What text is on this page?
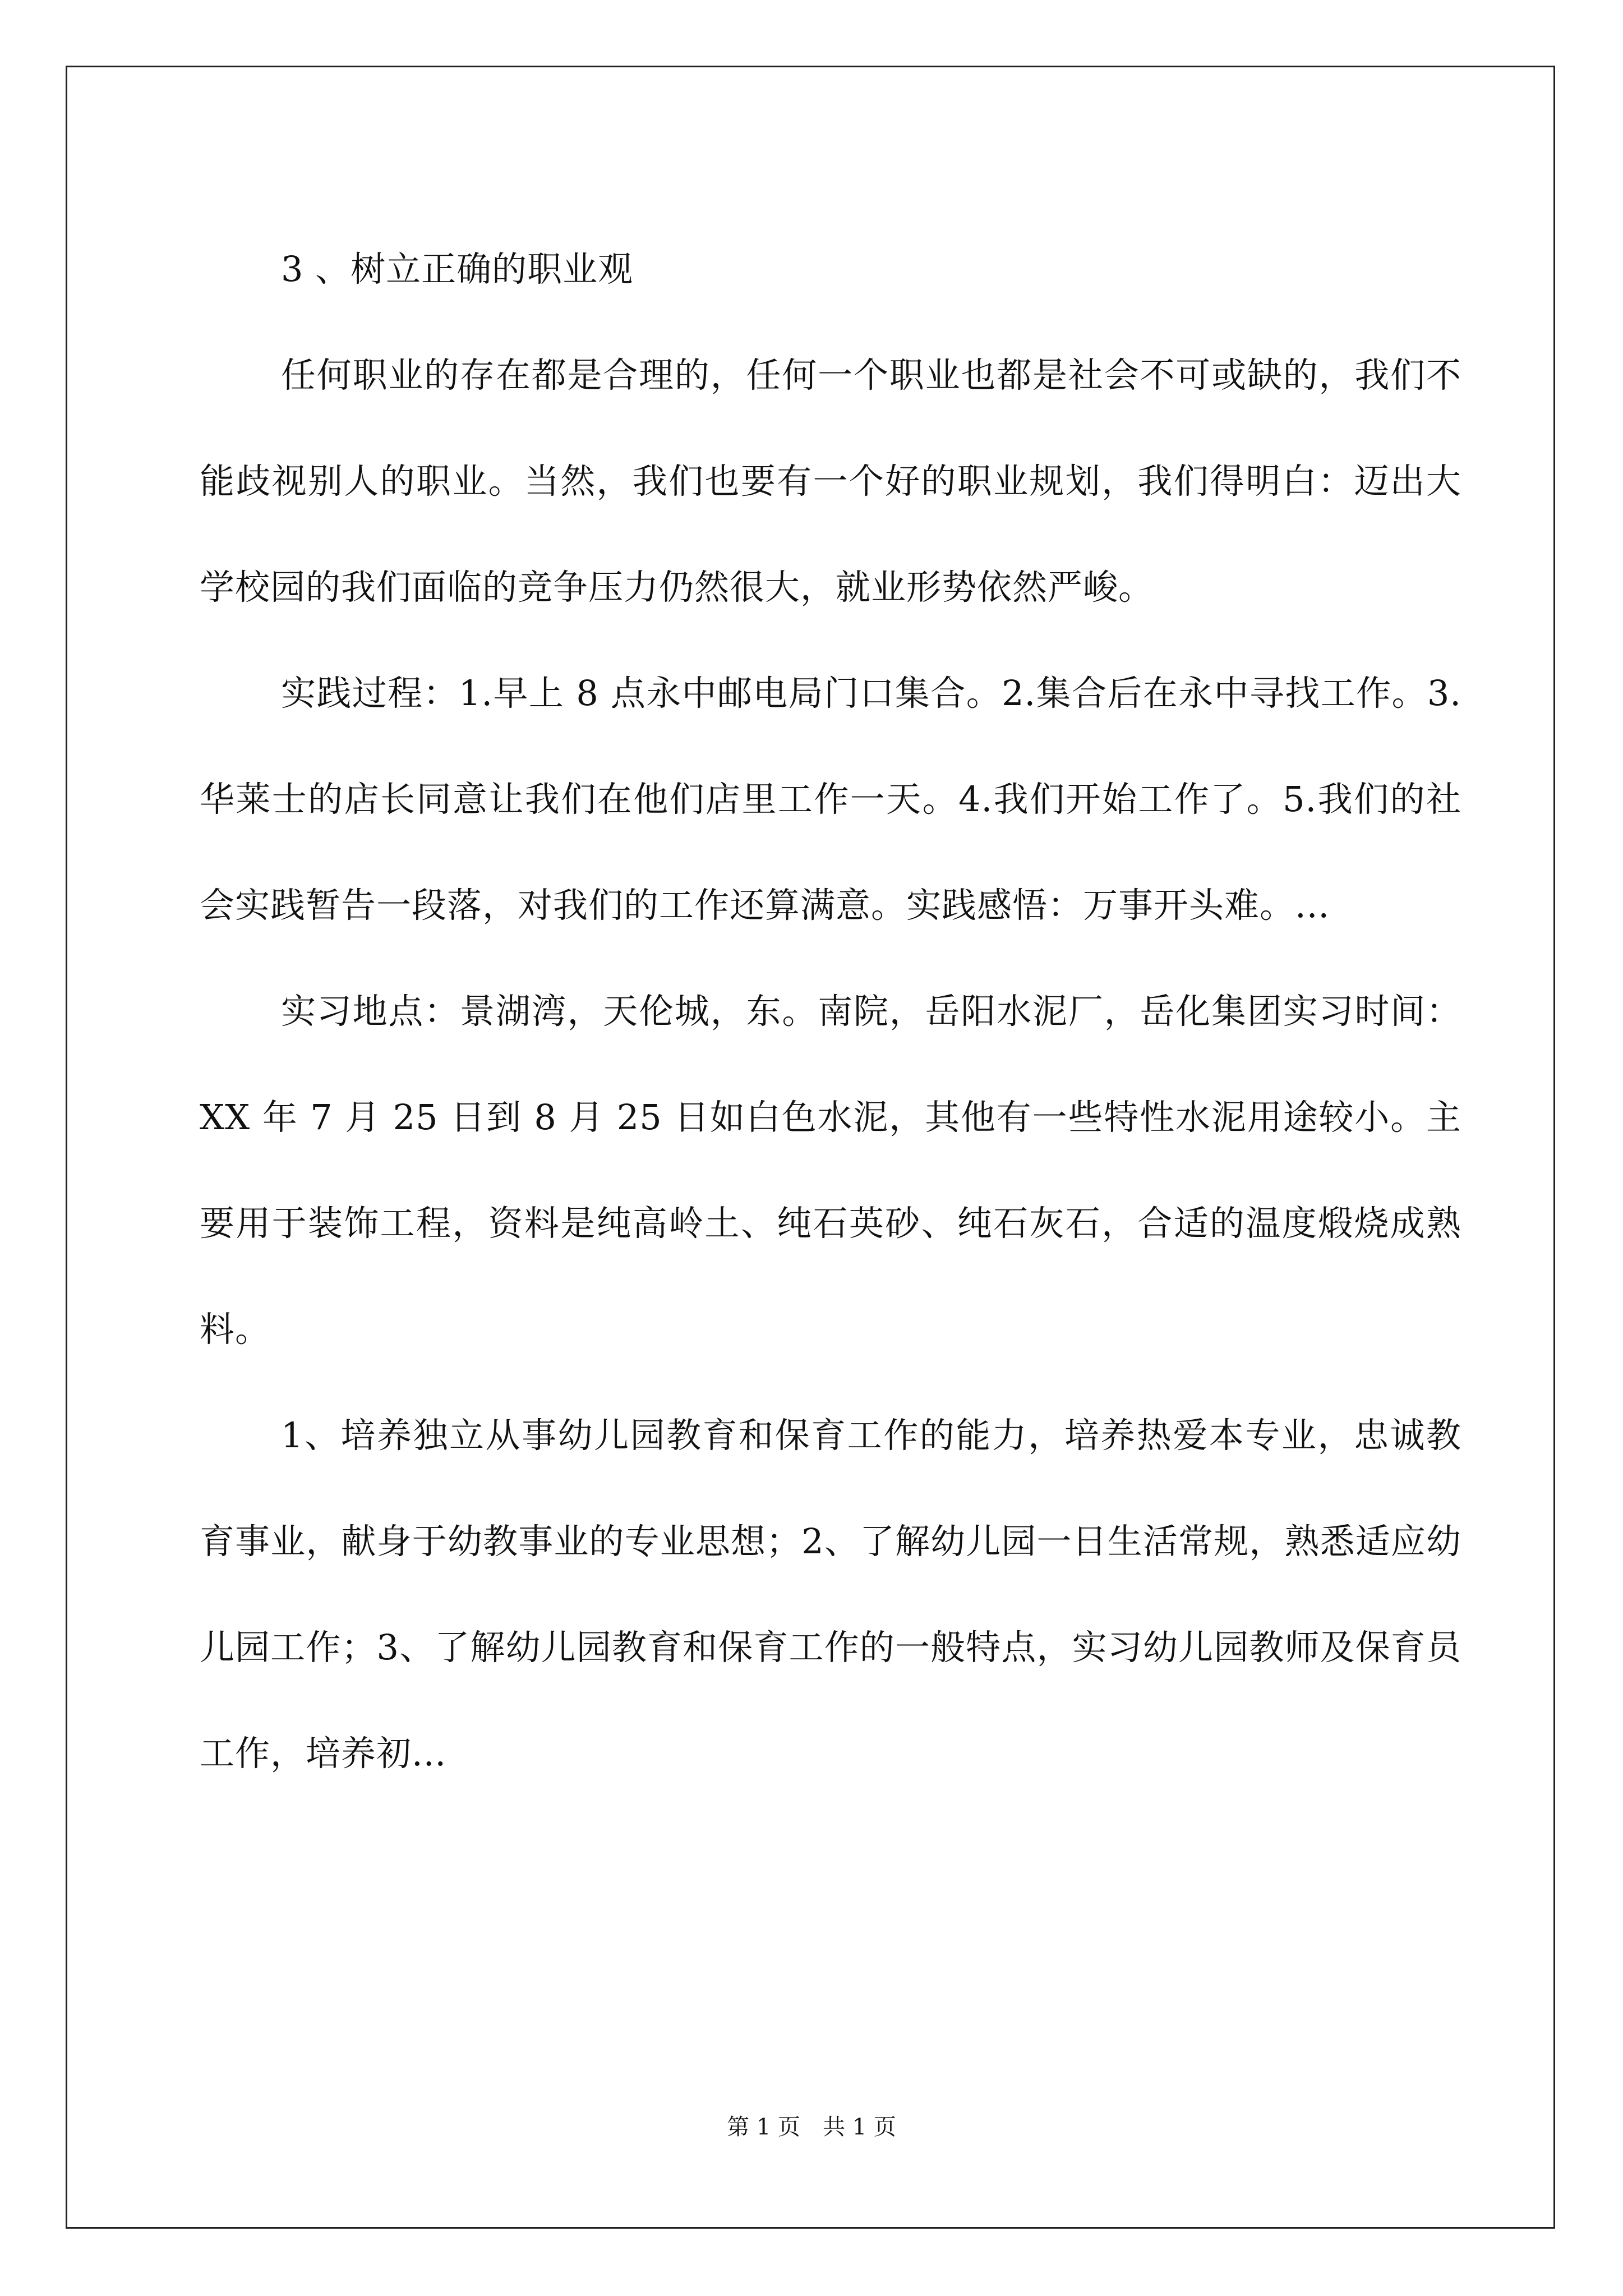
3 、树立正确的职业观

任何职业的存在都是合理的，任何一个职业也都是社会不可或缺的，我们不能歧视别人的职业。当然，我们也要有一个好的职业规划，我们得明白：迈出大学校园的我们面临的竞争压力仍然很大，就业形势依然严峻。

实践过程：1.早上 8 点永中邮电局门口集合。2.集合后在永中寻找工作。3.华莱士的店长同意让我们在他们店里工作一天。4.我们开始工作了。5.我们的社会实践暂告一段落，对我们的工作还算满意。实践感悟：万事开头难。...

实习地点：景湖湾，天伦城，东。南院，岳阳水泥厂，岳化集团实习时间：XX 年 7 月 25 日到 8 月 25 日如白色水泥，其他有一些特性水泥用途较小。主要用于装饰工程，资料是纯高岭土、纯石英砂、纯石灰石，合适的温度煅烧成熟料。

1、培养独立从事幼儿园教育和保育工作的能力，培养热爱本专业，忠诚教育事业，献身于幼教事业的专业思想；2、了解幼儿园一日生活常规，熟悉适应幼儿园工作；3、了解幼儿园教育和保育工作的一般特点，实习幼儿园教师及保育员工作，培养初...

第 1 页　共 1 页
